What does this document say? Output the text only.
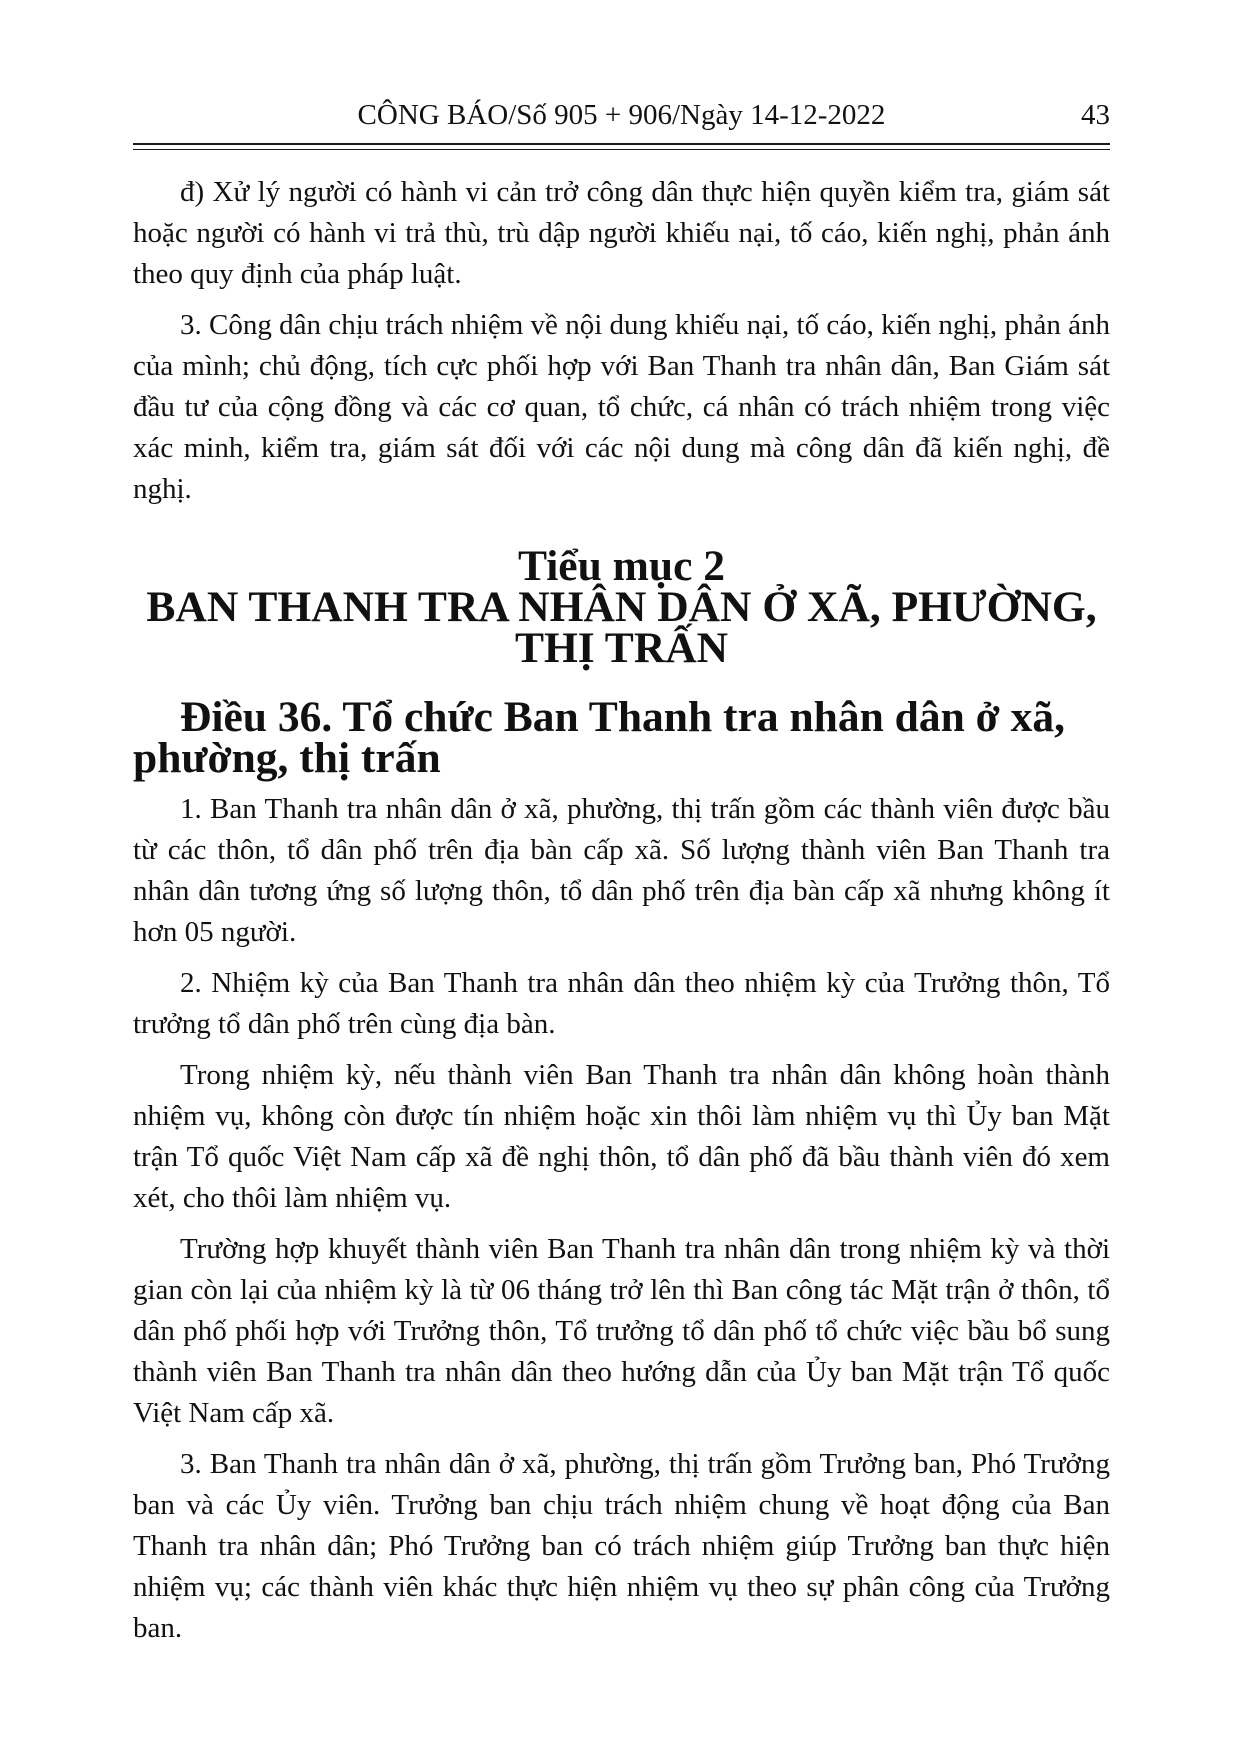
CÔNG BÁO/Số 905 + 906/Ngày 14-12-2022	43

đ) Xử lý người có hành vi cản trở công dân thực hiện quyền kiểm tra, giám sát hoặc người có hành vi trả thù, trù dập người khiếu nại, tố cáo, kiến nghị, phản ánh theo quy định của pháp luật.

3. Công dân chịu trách nhiệm về nội dung khiếu nại, tố cáo, kiến nghị, phản ánh của mình; chủ động, tích cực phối hợp với Ban Thanh tra nhân dân, Ban Giám sát đầu tư của cộng đồng và các cơ quan, tổ chức, cá nhân có trách nhiệm trong việc xác minh, kiểm tra, giám sát đối với các nội dung mà công dân đã kiến nghị, đề nghị.

Tiểu mục 2
BAN THANH TRA NHÂN DÂN Ở XÃ, PHƯỜNG, THỊ TRẤN
Điều 36. Tổ chức Ban Thanh tra nhân dân ở xã, phường, thị trấn

1. Ban Thanh tra nhân dân ở xã, phường, thị trấn gồm các thành viên được bầu từ các thôn, tổ dân phố trên địa bàn cấp xã. Số lượng thành viên Ban Thanh tra nhân dân tương ứng số lượng thôn, tổ dân phố trên địa bàn cấp xã nhưng không ít hơn 05 người.

2. Nhiệm kỳ của Ban Thanh tra nhân dân theo nhiệm kỳ của Trưởng thôn, Tổ trưởng tổ dân phố trên cùng địa bàn.

Trong nhiệm kỳ, nếu thành viên Ban Thanh tra nhân dân không hoàn thành nhiệm vụ, không còn được tín nhiệm hoặc xin thôi làm nhiệm vụ thì Ủy ban Mặt trận Tổ quốc Việt Nam cấp xã đề nghị thôn, tổ dân phố đã bầu thành viên đó xem xét, cho thôi làm nhiệm vụ.

Trường hợp khuyết thành viên Ban Thanh tra nhân dân trong nhiệm kỳ và thời gian còn lại của nhiệm kỳ là từ 06 tháng trở lên thì Ban công tác Mặt trận ở thôn, tổ dân phố phối hợp với Trưởng thôn, Tổ trưởng tổ dân phố tổ chức việc bầu bổ sung thành viên Ban Thanh tra nhân dân theo hướng dẫn của Ủy ban Mặt trận Tổ quốc Việt Nam cấp xã.

3. Ban Thanh tra nhân dân ở xã, phường, thị trấn gồm Trưởng ban, Phó Trưởng ban và các Ủy viên. Trưởng ban chịu trách nhiệm chung về hoạt động của Ban Thanh tra nhân dân; Phó Trưởng ban có trách nhiệm giúp Trưởng ban thực hiện nhiệm vụ; các thành viên khác thực hiện nhiệm vụ theo sự phân công của Trưởng ban.
